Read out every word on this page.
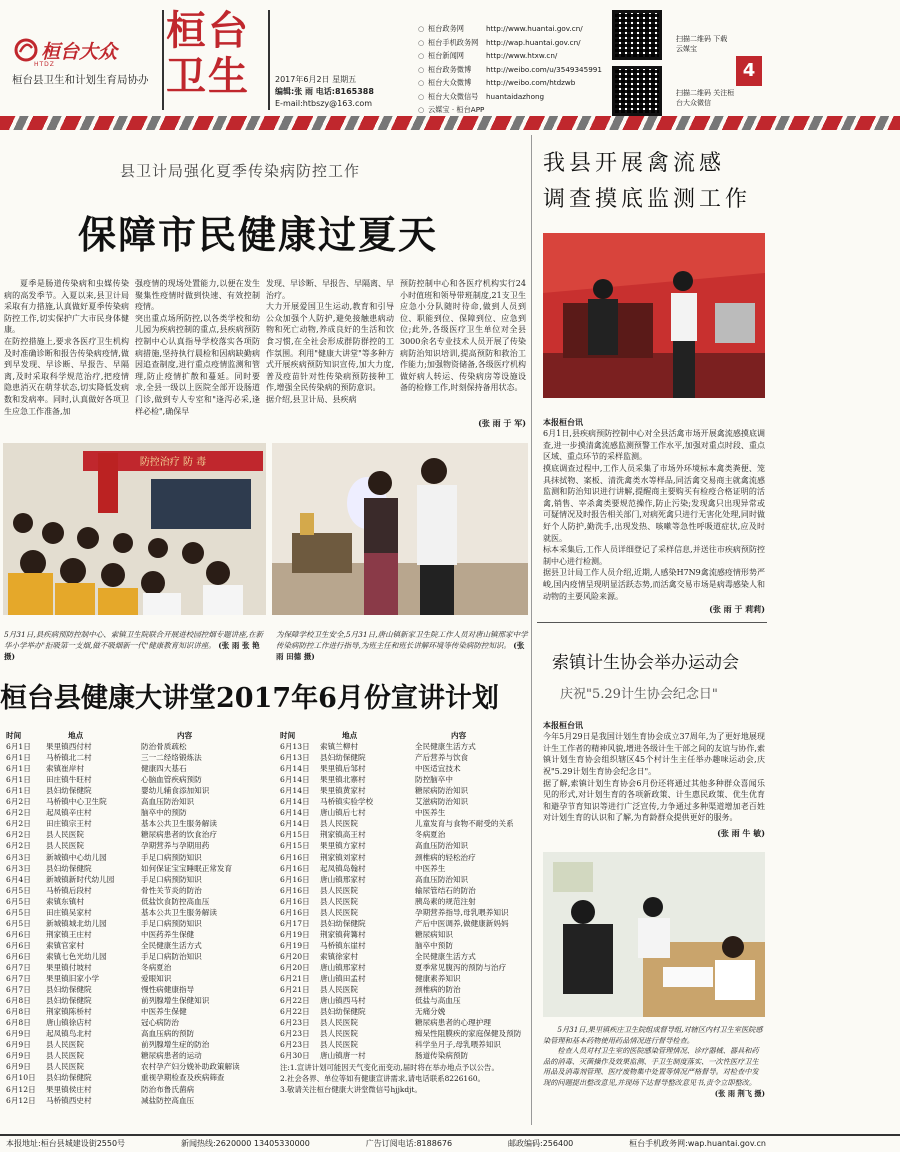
桓台大众
HTDZ
桓台县卫生和计划生育局协办
桓台
卫生	2017年6月2日 星期五
编辑:张 雨 电话:8165388
E-mail:htbszy@163.com
○ 桓台政务网	http://www.huantai.gov.cn/
○ 桓台手机政务网	http://wap.huantai.gov.cn/
○ 桓台新闻网	http://www.htxw.cn/
○ 桓台政务微博	http://weibo.com/u/3549345991
○ 桓台大众微博	http://weibo.com/htdzwb
○ 桓台大众微信号	huantaidazhong
○ 云媒宝 · 桓台APP
扫描二维码 下载云媒宝
扫描二维码 关注桓台大众微信
4
县卫计局强化夏季传染病防控工作
保障市民健康过夏天

夏季是肠道传染病和虫媒传染病的高发季节。入夏以来,县卫计局采取有力措施,认真做好夏季传染病防控工作,切实保护广大市民身体健康。
在防控措施上,要求各医疗卫生机构及时准确诊断和报告传染病疫情,做到早发现、早诊断、早报告、早隔离,及时采取科学规范治疗,把疫情隐患消灭在萌芽状态,切实降低发病数和发病率。同时,认真做好各项卫生应急工作准备,加

强疫情的现场处置能力,以便在发生聚集性疫情时做到快速、有效控制疫情。
突出重点场所防控,以各类学校和幼儿园为疾病控制的重点,县疾病预防控制中心认真指导学校落实各项防病措施,坚持执行晨检和因病缺勤病因追查制度,进行重点疫情监测和管理,防止疫情扩散和蔓延。同时要求,全县一级以上医院全部开设肠道门诊,做到专人专室和"逢泻必采,逢样必检",确保早

发现、早诊断、早报告、早隔离、早治疗。
大力开展爱国卫生运动,教育和引导公众加强个人防护,避免接触患病动物和死亡动物,养成良好的生活和饮食习惯,在全社会形成群防群控的工作氛围。利用"健康大讲堂"等多种方式开展疾病预防知识宣传,加大力度,普及疫苗针对性传染病预防接种工作,增强全民传染病的预防意识。
据介绍,县卫计局、县疾病

预防控制中心和各医疗机构实行24小时值班和领导带班制度,21支卫生应急小分队随时待命,做到人员到位、职能到位、保障到位、应急到位;此外,各级医疗卫生单位对全县3000余名专业技术人员开展了传染病防治知识培训,提高预防和救治工作能力;加强物资储备,各级医疗机构做好病人转运、传染病房等设施设备的检修工作,时刻保持备用状态。

(张 雨 于 军)
防控治疗 防 毒
5月31日,县疾病预防控制中心、索镇卫生院联合开展进校园控烟专题讲座,在新华小学举办"拒吸第一支烟,做不吸烟新一代"健康教育知识讲座。 (张 雨 张 艳 摄)
为保障学校卫生安全,5月31日,唐山镇新家卫生院工作人员对唐山镇邢家中学传染病防控工作进行指导,为班主任和班长讲解环境等传染病防控知识。 (张 雨 田德 摄)
桓台县健康大讲堂2017年6月份宣讲计划
时间	地点	内容
6月1日	果里镇西付村	防治骨质疏松
6月1日	马桥镇北二村	三一二经络锻炼法
6月1日	索镇崔岸村	健康四大基石
6月1日	田庄镇牛旺村	心脑血管疾病预防
6月1日	县妇幼保健院	婴幼儿辅食添加知识
6月2日	马桥镇中心卫生院	高血压防治知识
6月2日	起凤镇辛庄村	脑卒中的预防
6月2日	田庄镇宗王村	基本公共卫生服务解读
6月2日	县人民医院	糖尿病患者的饮食治疗
6月2日	县人民医院	孕期营养与孕期用药
6月3日	新城镇中心幼儿园	手足口病预防知识
6月3日	县妇幼保健院	如何保证宝宝睡眠正常发育
6月4日	新城镇新时代幼儿园	手足口病预防知识
6月5日	马桥镇后段村	骨性关节炎的防治
6月5日	索镇东镇村	低盐饮食防控高血压
6月5日	田庄镇吴家村	基本公共卫生服务解读
6月5日	新城镇城北幼儿园	手足口病预防知识
6月6日	荆家镇王庄村	中医药养生保健
6月6日	索镇官家村	全民健康生活方式
6月6日	索镇七色光幼儿园	手足口病防治知识
6月7日	果里镇付坡村	冬病夏治
6月7日	果里镇旧家小学	爱眼知识
6月7日	县妇幼保健院	慢性病健康指导
6月8日	县妇幼保健院	前列腺增生保健知识
6月8日	荆家镇陈桥村	中医养生保健
6月8日	唐山镇徐店村	冠心病防治
6月9日	起凤镇鸟北村	高血压病的预防
6月9日	县人民医院	前列腺增生症的防治
6月9日	县人民医院	糖尿病患者的运动
6月9日	县人民医院	农村孕产妇分娩补助政策解读
6月10日	县妇幼保健院	重视孕期检查及疾病筛查
6月12日	果里镇侯庄村	防治布鲁氏菌病
6月12日	马桥镇西史村	减盐防控高血压
时间	地点	内容
6月13日	索镇兰柳村	全民健康生活方式
6月13日	县妇幼保健院	产后营养与饮食
6月14日	果里镇后邹村	中医适宜技术
6月14日	果里镇北寨村	防控脑卒中
6月14日	果里镇黄家村	糖尿病防治知识
6月14日	马桥镇实验学校	艾滋病防治知识
6月14日	唐山镇后七村	中医养生
6月14日	县人民医院	儿童发育与食物不耐受的关系
6月15日	荆家镇高王村	冬病夏治
6月15日	果里镇方家村	高血压防治知识
6月16日	荆家镇刘家村	颈椎病的轻松治疗
6月16日	起凤镇岛翰村	中医养生
6月16日	唐山镇邢家村	高血压防治知识
6月16日	县人民医院	输尿管结石的防治
6月16日	县人民医院	胰岛素的规范注射
6月16日	县人民医院	孕期营养指导,母乳喂养知识
6月17日	县妇幼保健院	产后中医调养,做健康新妈妈
6月19日	荆家镇荷篝村	糖尿病知识
6月19日	马桥镇东崖村	脑卒中预防
6月20日	索镇徐家村	全民健康生活方式
6月20日	唐山镇邢家村	夏季常见腹泻的预防与治疗
6月21日	唐山镇田孟村	健康素养知识
6月21日	县人民医院	颈椎病的防治
6月22日	唐山镇西马村	低盐与高血压
6月22日	县妇幼保健院	无痛分娩
6月23日	县人民医院	糖尿病患者的心理护理
6月23日	县人民医院	痴呆性阻膜疾的家庭保健及预防
6月23日	县人民医院	科学坐月子,母乳喂养知识
6月30日	唐山镇唐一村	肠道传染病预防
注:1.宣讲计划可能因天气变化而变动,届时将在举办地点予以公告。
2.社会各界、单位等如有健康宣讲需求,请电话联系8226160。
3.敬请关注桓台健康大讲堂微信号hjjkdjt。
我县开展禽流感
调查摸底监测工作

本报桓台讯
6月1日,县疾病预防控制中心对全县活禽市场开展禽流感摸底调查,进一步摸清禽流感监测预警工作水平,加强对重点时段、重点区域、重点环节的采样监测。
摸底调查过程中,工作人员采集了市场外环境标本禽类粪便、笼具抹拭物、案板、清洗禽类水等样品,同活禽交易商主就禽流感监测和防治知识进行讲解,提醒商主要购买有检疫合格证明的活禽,销售、宰杀禽类要规范操作,防止污染;发现禽只出现异常或可疑情况及时报告相关部门,对病死禽只进行无害化处理,同时做好个人防护,勤洗手,出现发热、咳嗽等急性呼吸道症状,应及时就医。
标本采集后,工作人员详细登记了采样信息,并送往市疾病预防控制中心进行检测。
据县卫计局工作人员介绍,近期,人感染H7N9禽流感疫情形势严峻,国内疫情呈现明显活跃态势,而活禽交易市场是病毒感染人和动物的主要风险来源。

(张 雨 于 莉莉)
索镇计生协会举办运动会
庆祝"5.29计生协会纪念日"

本报桓台讯
今年5月29日是我国计划生育协会成立37周年,为了更好地展现计生工作者的精神风貌,增进各级计生干部之间的友谊与协作,索镇计划生育协会组织辖区45个村计生主任举办趣味运动会,庆祝"5.29计划生育协会纪念日"。
据了解,索镇计划生育协会6月份还将通过其他多种群众喜闻乐见的形式,对计划生育的各项新政策、计生惠民政策、优生优育和避孕节育知识等进行广泛宣传,力争通过多种渠道增加老百姓对计划生育的认识和了解,为育龄群众提供更好的服务。

(张 雨 牛 敏)
5月31日,果里镇疾庄卫生院组成督导组,对辖区内村卫生室医院感染管理和基本药物使用药品情况进行督导检查。
检查人员对村卫生室的医院感染管理情况、诊疗器械、器具和药品的消毒、灭菌操作及效果监测、手卫生制度落实、一次性医疗卫生用品及消毒剂管理、医疗废物集中处置等情况严格督导。对检查中发现的问题提出整改意见,并现场下达督导整改意见书,责令立即整改。
(张 雨 荆飞 摄)
本报地址:桓台县城建设街2550号	新闻热线:2620000 13405330000	广告订阅电话:8188676	邮政编码:256400	桓台手机政务网:wap.huantai.gov.cn
